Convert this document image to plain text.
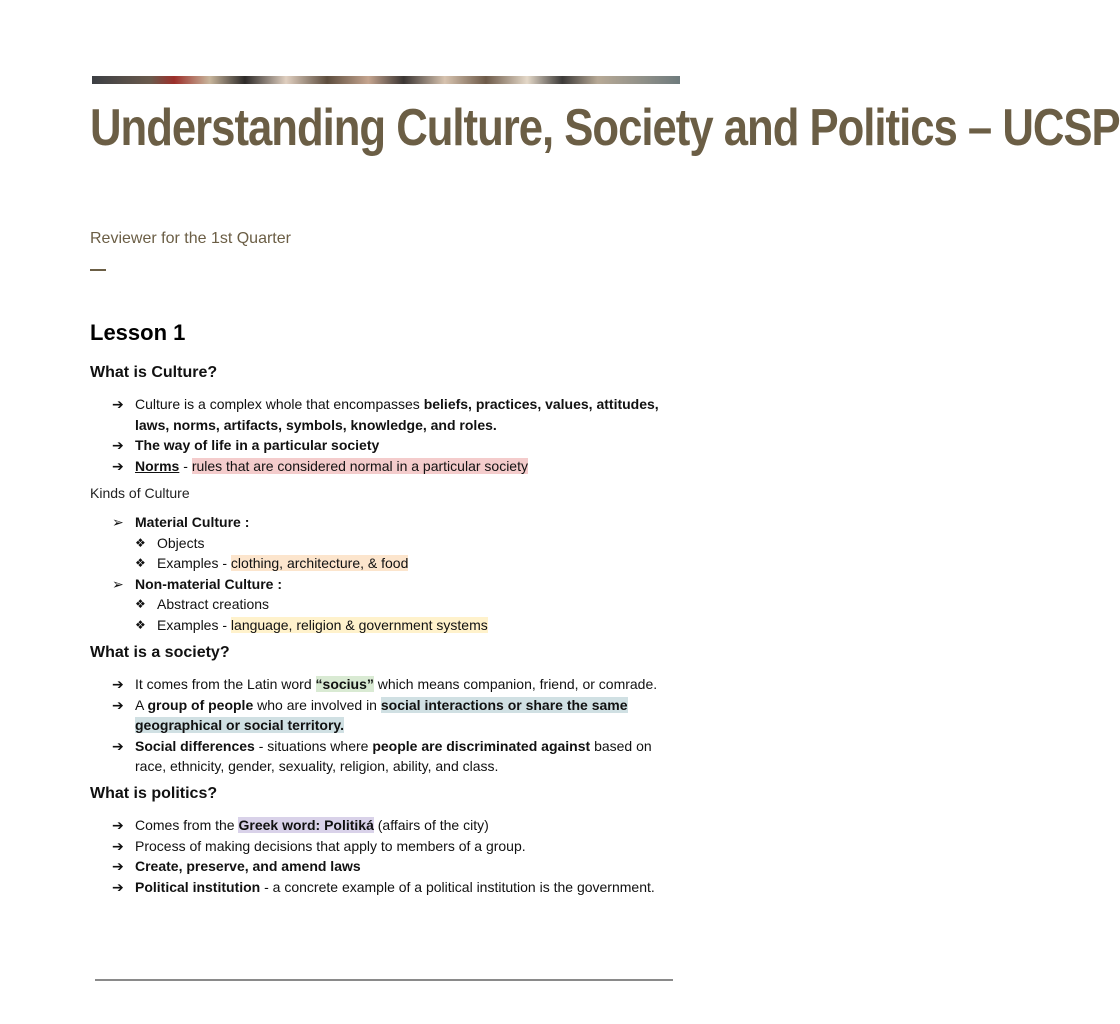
Understanding Culture, Society and Politics – UCSP
Reviewer for the 1st Quarter
Lesson 1
What is Culture?
➔ Culture is a complex whole that encompasses beliefs, practices, values, attitudes, laws, norms, artifacts, symbols, knowledge, and roles.
➔ The way of life in a particular society
➔ Norms - rules that are considered normal in a particular society
Kinds of Culture
➢ Material Culture :
❖ Objects
❖ Examples - clothing, architecture, & food
➢ Non-material Culture :
❖ Abstract creations
❖ Examples - language, religion & government systems
What is a society?
➔ It comes from the Latin word “socius” which means companion, friend, or comrade.
➔ A group of people who are involved in social interactions or share the same geographical or social territory.
➔ Social differences - situations where people are discriminated against based on race, ethnicity, gender, sexuality, religion, ability, and class.
What is politics?
➔ Comes from the Greek word: Politiká (affairs of the city)
➔ Process of making decisions that apply to members of a group.
➔ Create, preserve, and amend laws
➔ Political institution - a concrete example of a political institution is the government.
